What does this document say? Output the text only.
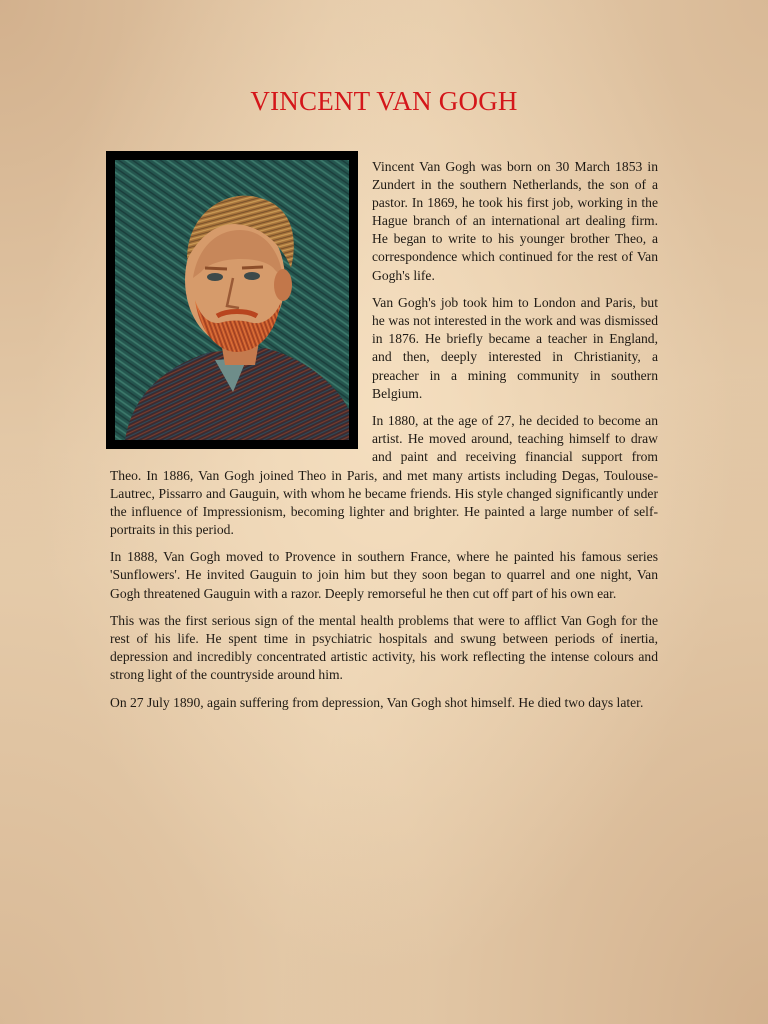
VINCENT VAN GOGH

Vincent Van Gogh was born on 30 March 1853 in Zundert in the southern Netherlands, the son of a pastor. In 1869, he took his first job, working in the Hague branch of an international art dealing firm. He began to write to his younger brother Theo, a correspondence which continued for the rest of Van Gogh's life.

Van Gogh's job took him to London and Paris, but he was not interested in the work and was dismissed in 1876. He briefly became a teacher in England, and then, deeply interested in Christianity, a preacher in a mining community in southern Belgium.

In 1880, at the age of 27, he decided to become an artist. He moved around, teaching himself to draw and paint and receiving financial support from Theo. In 1886, Van Gogh joined Theo in Paris, and met many artists including Degas, Toulouse-Lautrec, Pissarro and Gauguin, with whom he became friends. His style changed significantly under the influence of Impressionism, becoming lighter and brighter. He painted a large number of self-portraits in this period.

In 1888, Van Gogh moved to Provence in southern France, where he painted his famous series 'Sunflowers'. He invited Gauguin to join him but they soon began to quarrel and one night, Van Gogh threatened Gauguin with a razor. Deeply remorseful he then cut off part of his own ear.

This was the first serious sign of the mental health problems that were to afflict Van Gogh for the rest of his life. He spent time in psychiatric hospitals and swung between periods of inertia, depression and incredibly concentrated artistic activity, his work reflecting the intense colours and strong light of the countryside around him.

On 27 July 1890, again suffering from depression, Van Gogh shot himself. He died two days later.
